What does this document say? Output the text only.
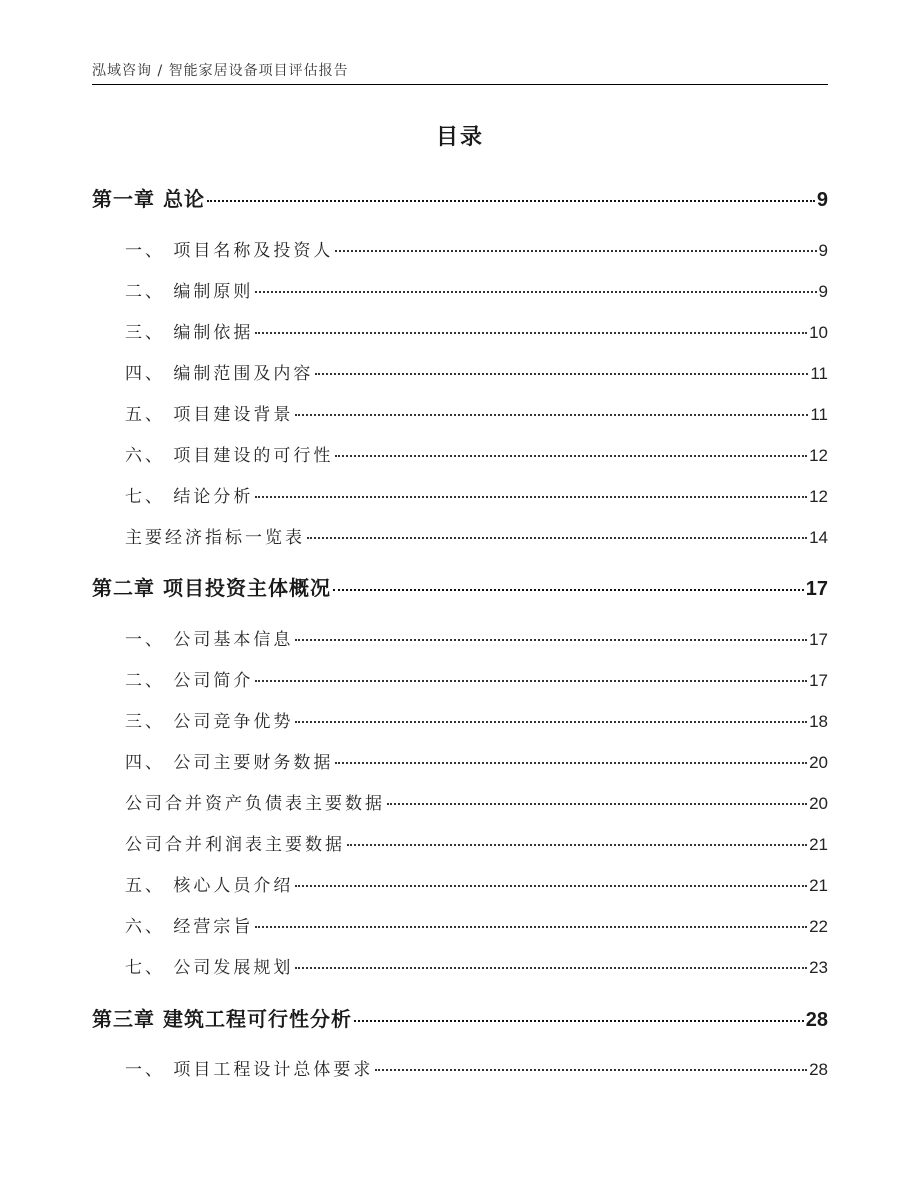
泓域咨询 / 智能家居设备项目评估报告
目录
第一章 总论	9
一、 项目名称及投资人	9
二、 编制原则	9
三、 编制依据	10
四、 编制范围及内容	11
五、 项目建设背景	11
六、 项目建设的可行性	12
七、 结论分析	12
主要经济指标一览表	14
第二章 项目投资主体概况	17
一、 公司基本信息	17
二、 公司简介	17
三、 公司竞争优势	18
四、 公司主要财务数据	20
公司合并资产负债表主要数据	20
公司合并利润表主要数据	21
五、 核心人员介绍	21
六、 经营宗旨	22
七、 公司发展规划	23
第三章 建筑工程可行性分析	28
一、 项目工程设计总体要求	28
